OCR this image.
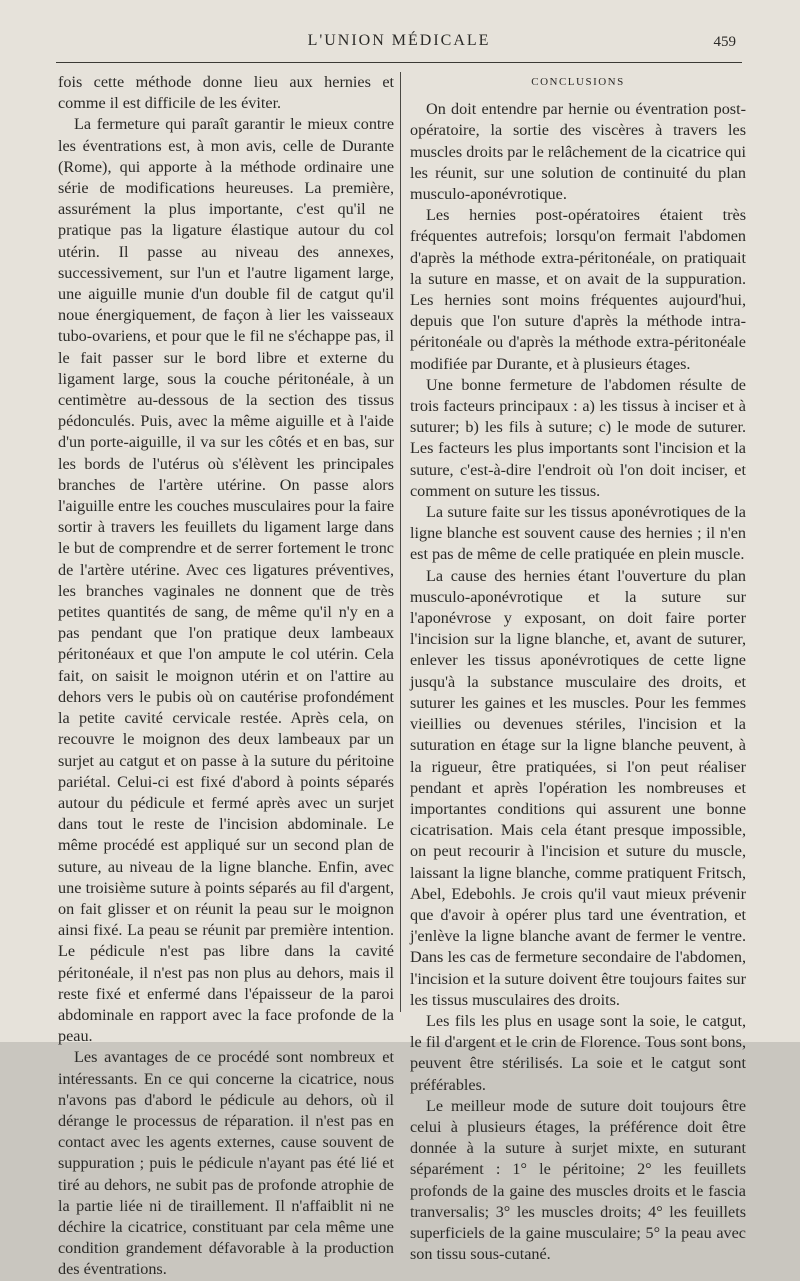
L'UNION MÉDICALE	459

fois cette méthode donne lieu aux hernies et comme il est difficile de les éviter.

La fermeture qui paraît garantir le mieux contre les éventrations est, à mon avis, celle de Durante (Rome), qui apporte à la méthode ordinaire une série de modifications heureuses. La première, assurément la plus importante, c'est qu'il ne pratique pas la ligature élastique autour du col utérin. Il passe au niveau des annexes, successivement, sur l'un et l'autre ligament large, une aiguille munie d'un double fil de catgut qu'il noue énergiquement, de façon à lier les vaisseaux tubo-ovariens, et pour que le fil ne s'échappe pas, il le fait passer sur le bord libre et externe du ligament large, sous la couche péritonéale, à un centimètre au-dessous de la section des tissus pédonculés. Puis, avec la même aiguille et à l'aide d'un porte-aiguille, il va sur les côtés et en bas, sur les bords de l'utérus où s'élèvent les principales branches de l'artère utérine. On passe alors l'aiguille entre les couches musculaires pour la faire sortir à travers les feuillets du ligament large dans le but de comprendre et de serrer fortement le tronc de l'artère utérine. Avec ces ligatures préventives, les branches vaginales ne donnent que de très petites quantités de sang, de même qu'il n'y en a pas pendant que l'on pratique deux lambeaux péritonéaux et que l'on ampute le col utérin. Cela fait, on saisit le moignon utérin et on l'attire au dehors vers le pubis où on cautérise profondément la petite cavité cervicale restée. Après cela, on recouvre le moignon des deux lambeaux par un surjet au catgut et on passe à la suture du péritoine pariétal. Celui-ci est fixé d'abord à points séparés autour du pédicule et fermé après avec un surjet dans tout le reste de l'incision abdominale. Le même procédé est appliqué sur un second plan de suture, au niveau de la ligne blanche. Enfin, avec une troisième suture à points séparés au fil d'argent, on fait glisser et on réunit la peau sur le moignon ainsi fixé. La peau se réunit par première intention. Le pédicule n'est pas libre dans la cavité péritonéale, il n'est pas non plus au dehors, mais il reste fixé et enfermé dans l'épaisseur de la paroi abdominale en rapport avec la face profonde de la peau.

Les avantages de ce procédé sont nombreux et intéressants. En ce qui concerne la cicatrice, nous n'avons pas d'abord le pédicule au dehors, où il dérange le processus de réparation. il n'est pas en contact avec les agents externes, cause souvent de suppuration ; puis le pédicule n'ayant pas été lié et tiré au dehors, ne subit pas de profonde atrophie de la partie liée ni de tiraillement. Il n'affaiblit ni ne déchire la cicatrice, constituant par cela même une condition grandement défavorable à la production des éventrations.

CONCLUSIONS

On doit entendre par hernie ou éventration post-opératoire, la sortie des viscères à travers les muscles droits par le relâchement de la cicatrice qui les réunit, sur une solution de continuité du plan musculo-aponévrotique.

Les hernies post-opératoires étaient très fréquentes autrefois; lorsqu'on fermait l'abdomen d'après la méthode extra-péritonéale, on pratiquait la suture en masse, et on avait de la suppuration. Les hernies sont moins fréquentes aujourd'hui, depuis que l'on suture d'après la méthode intra-péritonéale ou d'après la méthode extra-péritonéale modifiée par Durante, et à plusieurs étages.

Une bonne fermeture de l'abdomen résulte de trois facteurs principaux : a) les tissus à inciser et à suturer; b) les fils à suture; c) le mode de suturer. Les facteurs les plus importants sont l'incision et la suture, c'est-à-dire l'endroit où l'on doit inciser, et comment on suture les tissus.

La suture faite sur les tissus aponévrotiques de la ligne blanche est souvent cause des hernies ; il n'en est pas de même de celle pratiquée en plein muscle.

La cause des hernies étant l'ouverture du plan musculo-aponévrotique et la suture sur l'aponévrose y exposant, on doit faire porter l'incision sur la ligne blanche, et, avant de suturer, enlever les tissus aponévrotiques de cette ligne jusqu'à la substance musculaire des droits, et suturer les gaines et les muscles. Pour les femmes vieillies ou devenues stériles, l'incision et la suturation en étage sur la ligne blanche peuvent, à la rigueur, être pratiquées, si l'on peut réaliser pendant et après l'opération les nombreuses et importantes conditions qui assurent une bonne cicatrisation. Mais cela étant presque impossible, on peut recourir à l'incision et suture du muscle, laissant la ligne blanche, comme pratiquent Fritsch, Abel, Edebohls. Je crois qu'il vaut mieux prévenir que d'avoir à opérer plus tard une éventration, et j'enlève la ligne blanche avant de fermer le ventre. Dans les cas de fermeture secondaire de l'abdomen, l'incision et la suture doivent être toujours faites sur les tissus musculaires des droits.

Les fils les plus en usage sont la soie, le catgut, le fil d'argent et le crin de Florence. Tous sont bons, peuvent être stérilisés. La soie et le catgut sont préférables.

Le meilleur mode de suture doit toujours être celui à plusieurs étages, la préférence doit être donnée à la suture à surjet mixte, en suturant séparément : 1° le péritoine; 2° les feuillets profonds de la gaine des muscles droits et le fascia tranversalis; 3° les muscles droits; 4° les feuillets superficiels de la gaine musculaire; 5° la peau avec son tissu sous-cutané.
